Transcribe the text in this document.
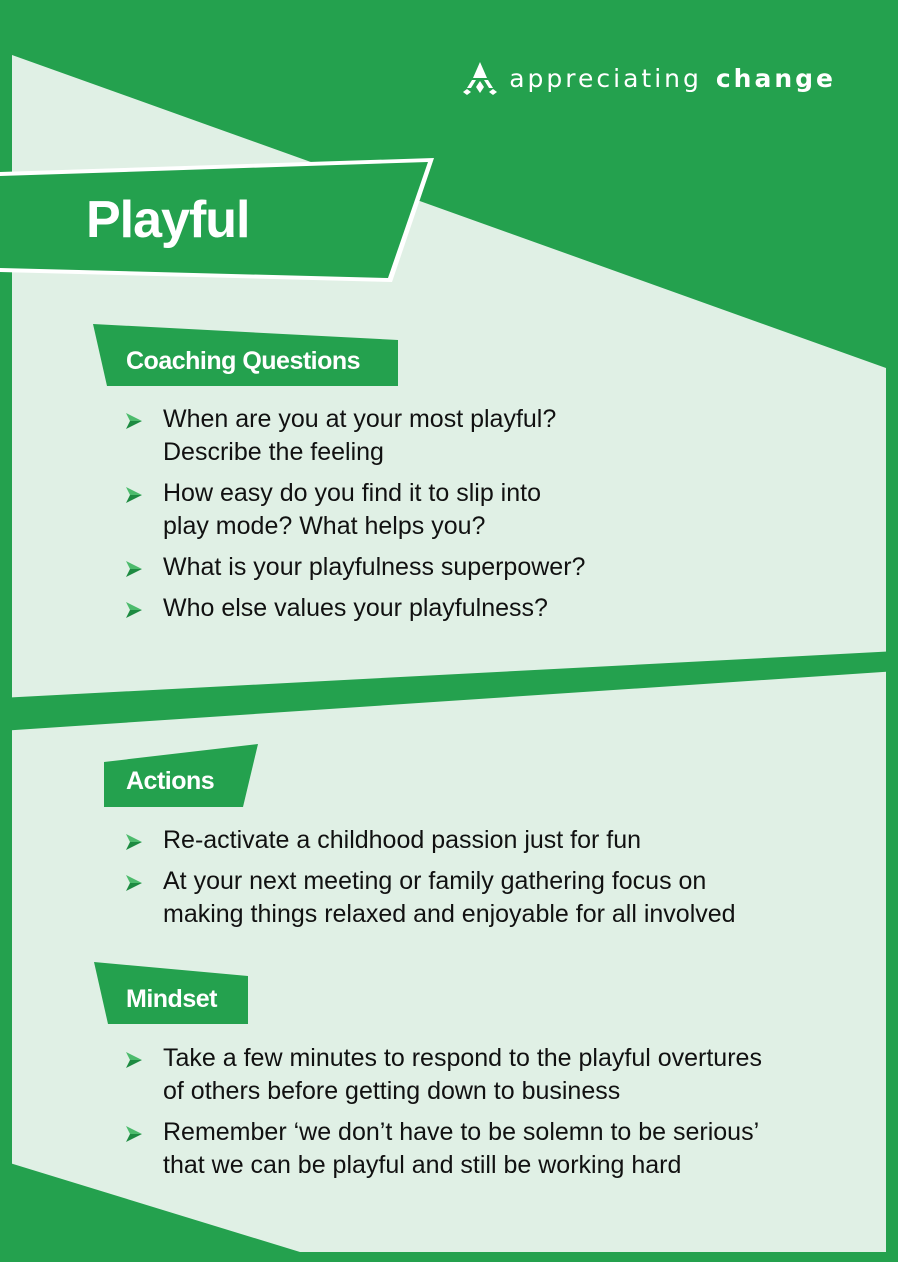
appreciating change
Playful
Coaching Questions
When are you at your most playful?
Describe the feeling
How easy do you find it to slip into
play mode? What helps you?
What is your playfulness superpower?
Who else values your playfulness?
Actions
Re-activate a childhood passion just for fun
At your next meeting or family gathering focus on
making things relaxed and enjoyable for all involved
Mindset
Take a few minutes to respond to the playful overtures
of others before getting down to business
Remember ‘we don’t have to be solemn to be serious’
that we can be playful and still be working hard
